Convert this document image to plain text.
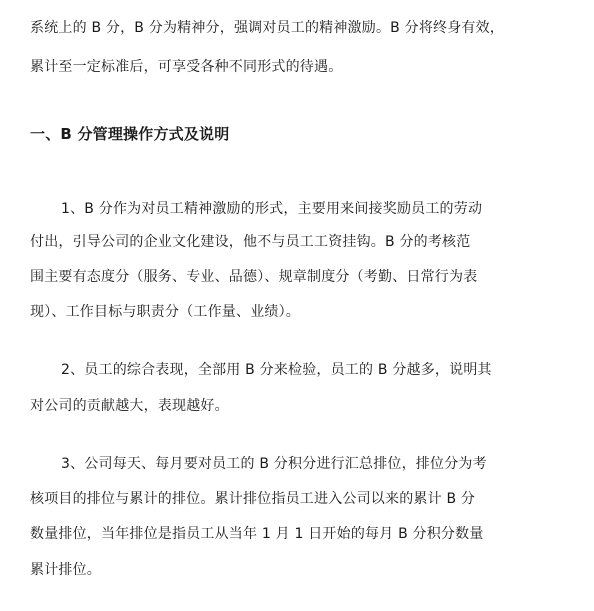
系统上的 B 分，B 分为精神分，强调对员工的精神激励。B 分将终身有效，
累计至一定标准后，可享受各种不同形式的待遇。
一、B 分管理操作方式及说明
1、B 分作为对员工精神激励的形式，主要用来间接奖励员工的劳动
付出，引导公司的企业文化建设，他不与员工工资挂钩。B 分的考核范
围主要有态度分（服务、专业、品德）、规章制度分（考勤、日常行为表
现）、工作目标与职责分（工作量、业绩）。
2、员工的综合表现，全部用 B 分来检验，员工的 B 分越多，说明其
对公司的贡献越大，表现越好。
3、公司每天、每月要对员工的 B 分积分进行汇总排位，排位分为考
核项目的排位与累计的排位。累计排位指员工进入公司以来的累计 B 分
数量排位，当年排位是指员工从当年 1 月 1 日开始的每月 B 分积分数量
累计排位。
